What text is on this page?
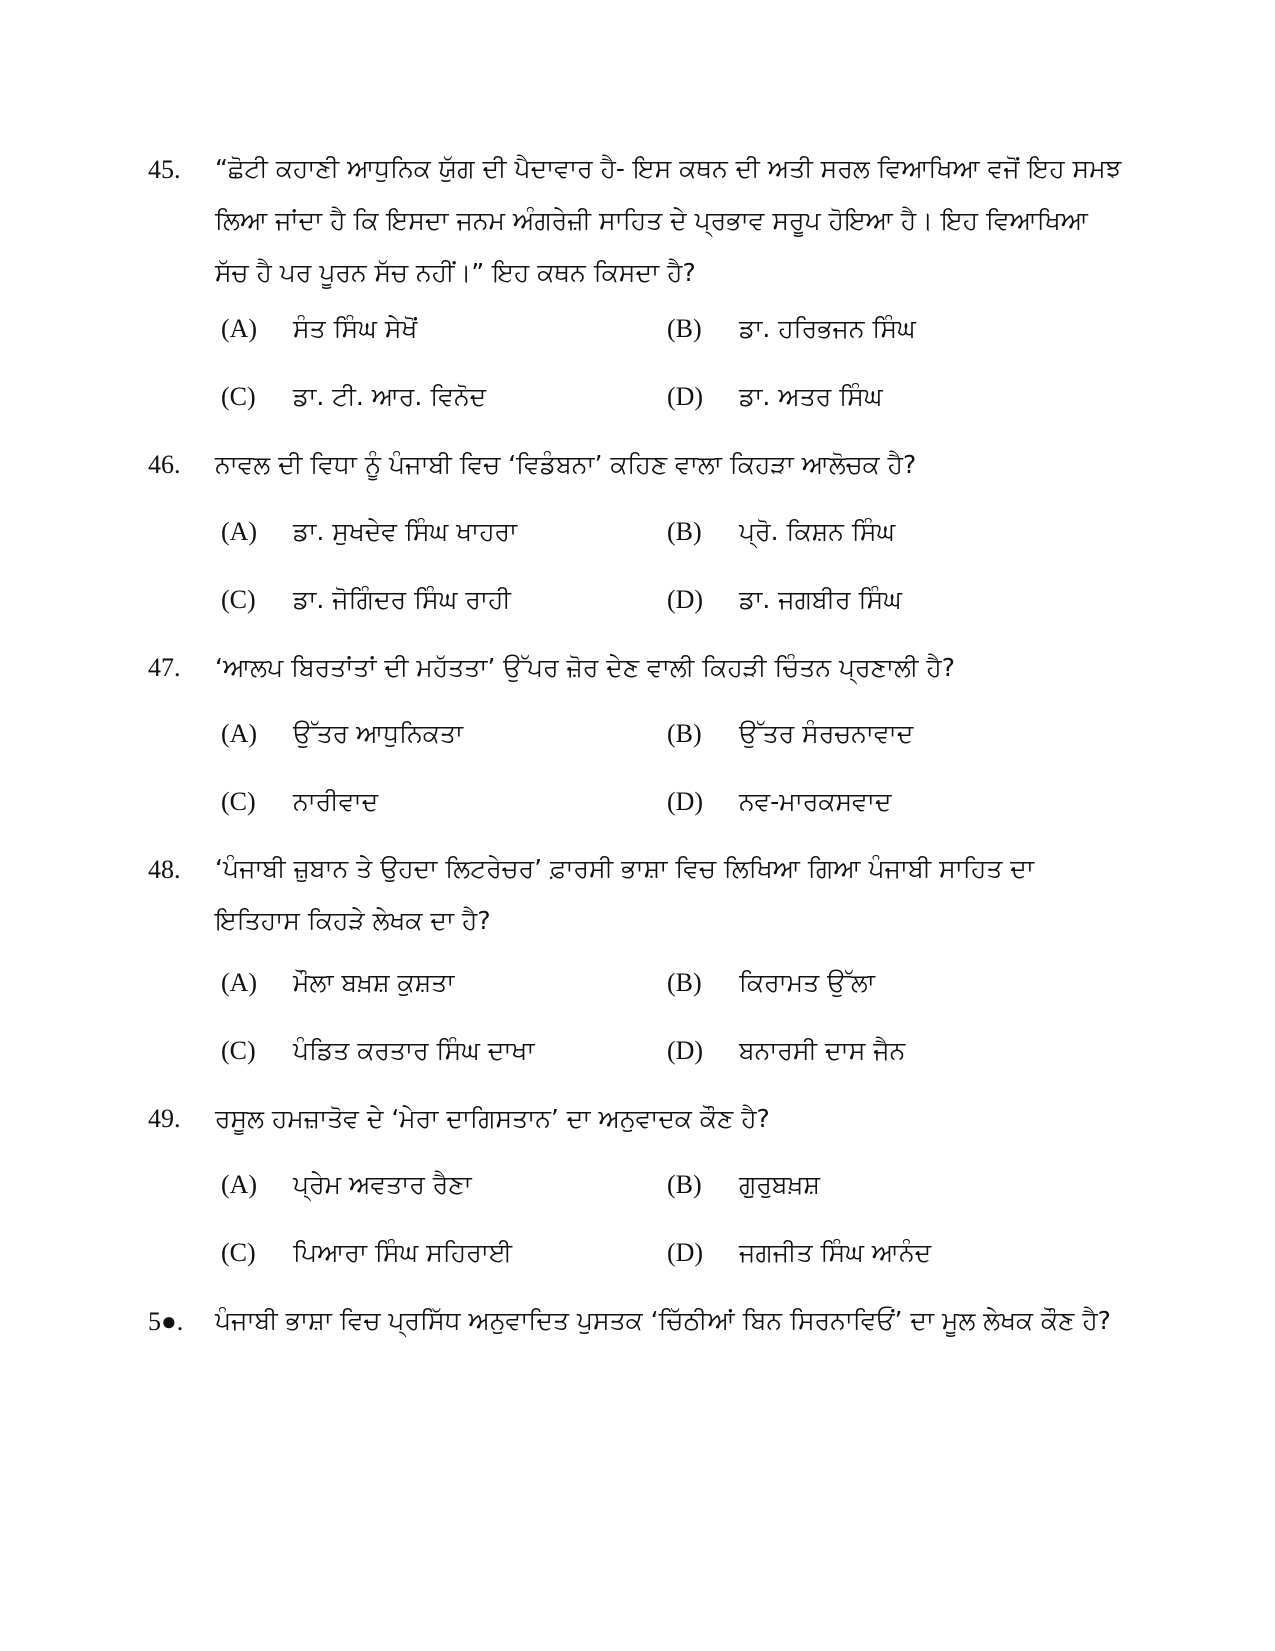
45. “ਛੋਟੀ ਕਹਾਣੀ ਆਧੁਨਿਕ ਯੁੱਗ ਦੀ ਪੈਦਾਵਾਰ ਹੈ- ਇਸ ਕਥਨ ਦੀ ਅਤੀ ਸਰਲ ਵਿਆਖਿਆ ਵਜੋਂ ਇਹ ਸਮਝ ਲਿਆ ਜਾਂਦਾ ਹੈ ਕਿ ਇਸਦਾ ਜਨਮ ਅੰਗਰੇਜ਼ੀ ਸਾਹਿਤ ਦੇ ਪ੍ਰਭਾਵ ਸਰੂਪ ਹੋਇਆ ਹੈ। ਇਹ ਵਿਆਖਿਆ ਸੱਚ ਹੈ ਪਰ ਪੂਰਨ ਸੱਚ ਨਹੀਂ।” ਇਹ ਕਥਨ ਕਿਸਦਾ ਹੈ?
(A)	ਸੰਤ ਸਿੰਘ ਸੇਖੋਂ	(B)	ਡਾ. ਹਰਿਭਜਨ ਸਿੰਘ
(C)	ਡਾ. ਟੀ. ਆਰ. ਵਿਨੋਦ	(D)	ਡਾ. ਅਤਰ ਸਿੰਘ
46. ਨਾਵਲ ਦੀ ਵਿਧਾ ਨੂੰ ਪੰਜਾਬੀ ਵਿਚ ‘ਵਿਡੰਬਨਾ’ ਕਹਿਣ ਵਾਲਾ ਕਿਹੜਾ ਆਲੋਚਕ ਹੈ?
(A)	ਡਾ. ਸੁਖਦੇਵ ਸਿੰਘ ਖਾਹਰਾ	(B)	ਪ੍ਰੋ. ਕਿਸ਼ਨ ਸਿੰਘ
(C)	ਡਾ. ਜੋਗਿੰਦਰ ਸਿੰਘ ਰਾਹੀ	(D)	ਡਾ. ਜਗਬੀਰ ਸਿੰਘ
47. ‘ਆਲਪ ਬਿਰਤਾਂਤਾਂ ਦੀ ਮਹੱਤਤਾ’ ਉੱਪਰ ਜ਼ੋਰ ਦੇਣ ਵਾਲੀ ਕਿਹੜੀ ਚਿੰਤਨ ਪ੍ਰਣਾਲੀ ਹੈ?
(A)	ਉੱਤਰ ਆਧੁਨਿਕਤਾ	(B)	ਉੱਤਰ ਸੰਰਚਨਾਵਾਦ
(C)	ਨਾਰੀਵਾਦ	(D)	ਨਵ-ਮਾਰਕਸਵਾਦ
48. ‘ਪੰਜਾਬੀ ਜ਼ੁਬਾਨ ਤੇ ਉਹਦਾ ਲਿਟਰੇਚਰ’ ਫ਼ਾਰਸੀ ਭਾਸ਼ਾ ਵਿਚ ਲਿਖਿਆ ਗਿਆ ਪੰਜਾਬੀ ਸਾਹਿਤ ਦਾ ਇਤਿਹਾਸ ਕਿਹੜੇ ਲੇਖਕ ਦਾ ਹੈ?
(A)	ਮੌਲਾ ਬਖ਼ਸ਼ ਕੁਸ਼ਤਾ	(B)	ਕਿਰਾਮਤ ਉੱਲਾ
(C)	ਪੰਡਿਤ ਕਰਤਾਰ ਸਿੰਘ ਦਾਖਾ	(D)	ਬਨਾਰਸੀ ਦਾਸ ਜੈਨ
49. ਰਸੂਲ ਹਮਜ਼ਾਤੋਵ ਦੇ ‘ਮੇਰਾ ਦਾਗਿਸਤਾਨ’ ਦਾ ਅਨੁਵਾਦਕ ਕੌਣ ਹੈ?
(A)	ਪ੍ਰੇਮ ਅਵਤਾਰ ਰੈਣਾ	(B)	ਗੁਰੁਬਖ਼ਸ਼
(C)	ਪਿਆਰਾ ਸਿੰਘ ਸਹਿਰਾਈ	(D)	ਜਗਜੀਤ ਸਿੰਘ ਆਨੰਦ
5●.	ਪੰਜਾਬੀ ਭਾਸ਼ਾ ਵਿਚ ਪ੍ਰਸਿੱਧ ਅਨੁਵਾਦਿਤ ਪੁਸਤਕ ‘ਚਿੱਠੀਆਂ ਬਿਨ ਸਿਰਨਾਵਿਓਂ’ ਦਾ ਮੂਲ ਲੇਖਕ ਕੌਣ ਹੈ?
